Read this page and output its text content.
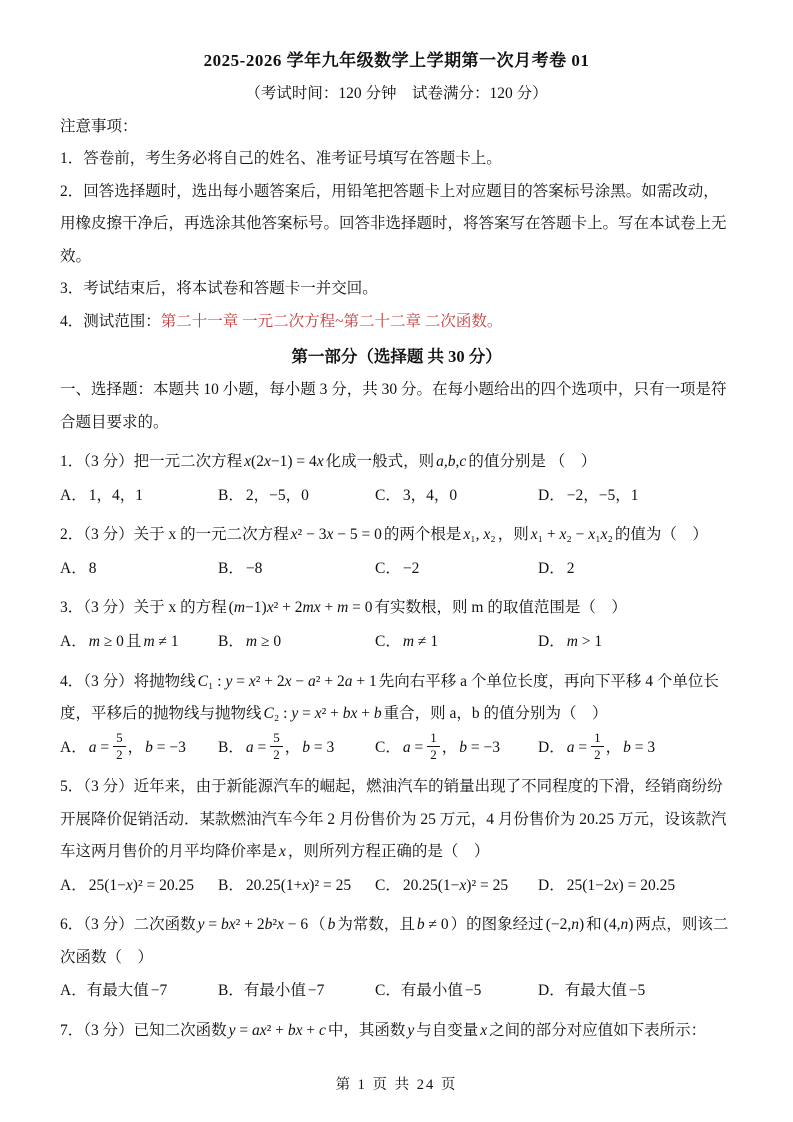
2025-2026 学年九年级数学上学期第一次月考卷 01

（考试时间：120 分钟　试卷满分：120 分）

注意事项：

1．答卷前，考生务必将自己的姓名、准考证号填写在答题卡上。

2．回答选择题时，选出每小题答案后，用铅笔把答题卡上对应题目的答案标号涂黑。如需改动，用橡皮擦干净后，再选涂其他答案标号。回答非选择题时，将答案写在答题卡上。写在本试卷上无效。

3．考试结束后，将本试卷和答题卡一并交回。

4．测试范围：第二十一章 一元二次方程~第二十二章 二次函数。

第一部分（选择题 共 30 分）

一、选择题：本题共 10 小题，每小题 3 分，共 30 分。在每小题给出的四个选项中，只有一项是符合题目要求的。

1．（3 分）把一元二次方程 x(2x−1) = 4x 化成一般式，则 a,b,c 的值分别是 （　）

A． 1，4，1	B． 2，−5，0	C． 3，4，0	D． −2，−5，1

2．（3 分）关于 x 的一元二次方程 x² − 3x − 5 = 0 的两个根是 x₁, x₂ ，则 x₁ + x₂ − x₁x₂ 的值为（　）

A． 8	B． −8	C． −2	D． 2

3．（3 分）关于 x 的方程 (m−1)x² + 2mx + m = 0 有实数根，则 m 的取值范围是（　）

A． m ≥ 0 且 m ≠ 1	B． m ≥ 0	C． m ≠ 1	D． m > 1

4．（3 分）将抛物线 C₁ : y = x² + 2x − a² + 2a + 1 先向右平移 a 个单位长度，再向下平移 4 个单位长度，平移后的抛物线与抛物线 C₂ : y = x² + bx + b 重合，则 a，b 的值分别为（　）

A． $a = \frac{5}{2}$ ， b = −3	B． $a = \frac{5}{2}$ ， b = 3	C． $a = \frac{1}{2}$ ， b = −3	D． $a = \frac{1}{2}$ ， b = 3

5．（3 分）近年来，由于新能源汽车的崛起，燃油汽车的销量出现了不同程度的下滑，经销商纷纷开展降价促销活动．某款燃油汽车今年 2 月份售价为 25 万元，4 月份售价为 20.25 万元，设该款汽车这两月售价的月平均降价率是 x ，则所列方程正确的是（　）

A． 25(1−x)² = 20.25	B． 20.25(1+x)² = 25	C． 20.25(1−x)² = 25	D． 25(1−2x) = 20.25

6．（3 分）二次函数 y = bx² + 2b²x − 6 （ b 为常数，且 b ≠ 0 ）的图象经过 (−2,n) 和 (4,n) 两点，则该二次函数（　）

A．有最大值 −7	B．有最小值 −7	C．有最小值 −5	D．有最大值 −5

7．（3 分）已知二次函数 y = ax² + bx + c 中，其函数 y 与自变量 x 之间的部分对应值如下表所示：

第 1 页 共 24 页
